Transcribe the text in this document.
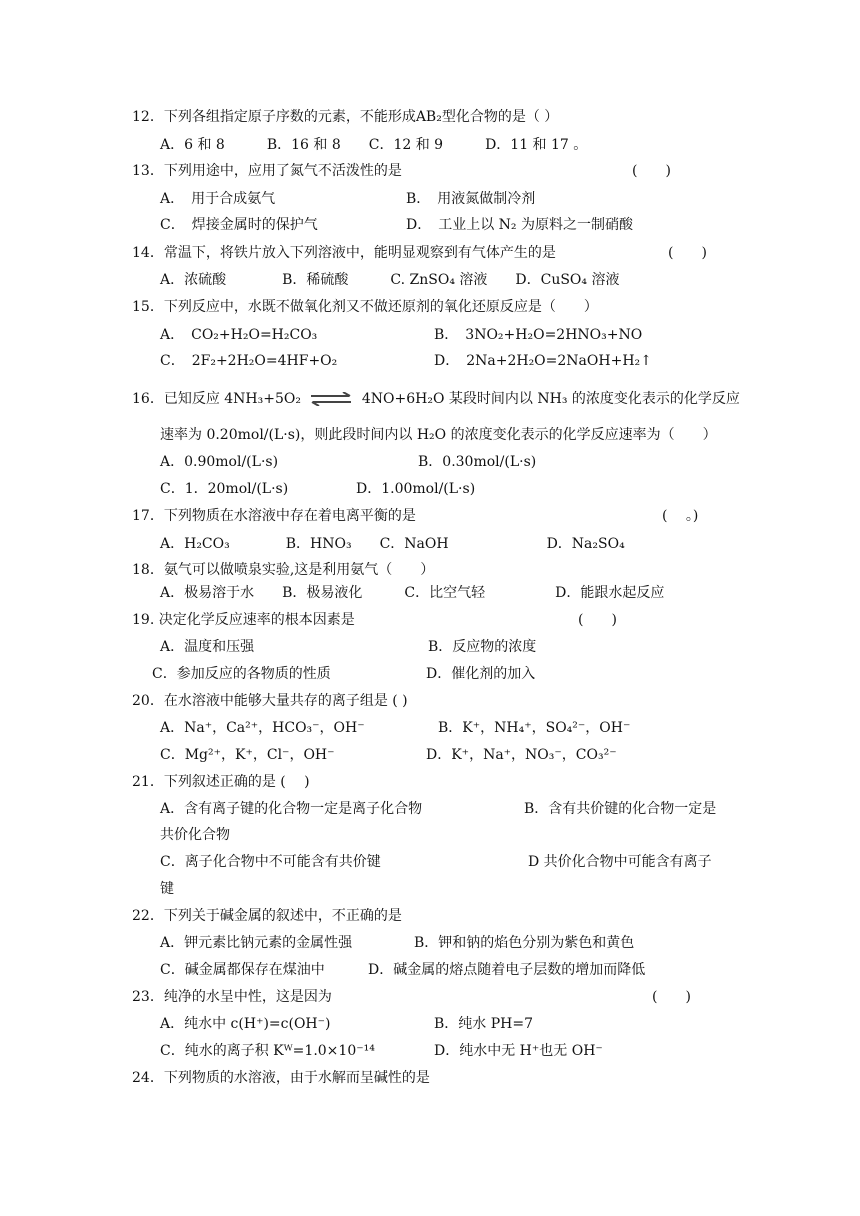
12．下列各组指定原子序数的元素，不能形成AB₂型化合物的是（ ）
A．6 和 8　　　B．16 和 8　　C．12 和 9　　　D．11 和 17 。
13．下列用途中，应用了氮气不活泼性的是	(　　)
A．　用于合成氨气	B．　用液氮做制冷剂
C．　焊接金属时的保护气	D．　工业上以 N₂ 为原料之一制硝酸
14．常温下，将铁片放入下列溶液中，能明显观察到有气体产生的是	(　　)
A．浓硫酸　　　　B．稀硫酸　　　C. ZnSO₄ 溶液　　D．CuSO₄ 溶液
15．下列反应中，水既不做氧化剂又不做还原剂的氧化还原反应是（　　）
A．　CO₂+H₂O=H₂CO₃	B．　3NO₂+H₂O=2HNO₃+NO
C．　2F₂+2H₂O=4HF+O₂	D．　2Na+2H₂O=2NaOH+H₂↑
16．已知反应 4NH₃+5O₂ ⇌ 4NO+6H₂O 某段时间内以 NH₃ 的浓度变化表示的化学反应
速率为 0.20mol/(L·s)，则此段时间内以 H₂O 的浓度变化表示的化学反应速率为（　　）
A．0.90mol/(L·s)	B．0.30mol/(L·s)
C．1．20mol/(L·s)	D．1.00mol/(L·s)
17．下列物质在水溶液中存在着电离平衡的是	(　 。)
A．H₂CO₃　　　　B．HNO₃　　C．NaOH　　　　　　　D．Na₂SO₄
18．氨气可以做喷泉实验,这是利用氨气（　　）
A．极易溶于水　　B．极易液化　　　C．比空气轻　　　　　D．能跟水起反应
19. 决定化学反应速率的根本因素是	(　　)
A．温度和压强	B．反应物的浓度
C．参加反应的各物质的性质	D．催化剂的加入
20．在水溶液中能够大量共存的离子组是 ( )
A．Na⁺，Ca²⁺，HCO₃⁻，OH⁻	B．K⁺，NH₄⁺，SO₄²⁻，OH⁻
C．Mg²⁺，K⁺，Cl⁻，OH⁻	D．K⁺，Na⁺，NO₃⁻，CO₃²⁻
21．下列叙述正确的是 (　 )
A．含有离子键的化合物一定是离子化合物	B．含有共价键的化合物一定是
共价化合物
C．离子化合物中不可能含有共价键	D 共价化合物中可能含有离子
键
22．下列关于碱金属的叙述中，不正确的是
A．钾元素比钠元素的金属性强	B．钾和钠的焰色分别为紫色和黄色
C．碱金属都保存在煤油中	D．碱金属的熔点随着电子层数的增加而降低
23．纯净的水呈中性，这是因为	(　　)
A．纯水中 c(H⁺)=c(OH⁻)	B．纯水 PH=7
C．纯水的离子积 Kᵂ=1.0×10⁻¹⁴	D．纯水中无 H⁺也无 OH⁻
24．下列物质的水溶液，由于水解而呈碱性的是
